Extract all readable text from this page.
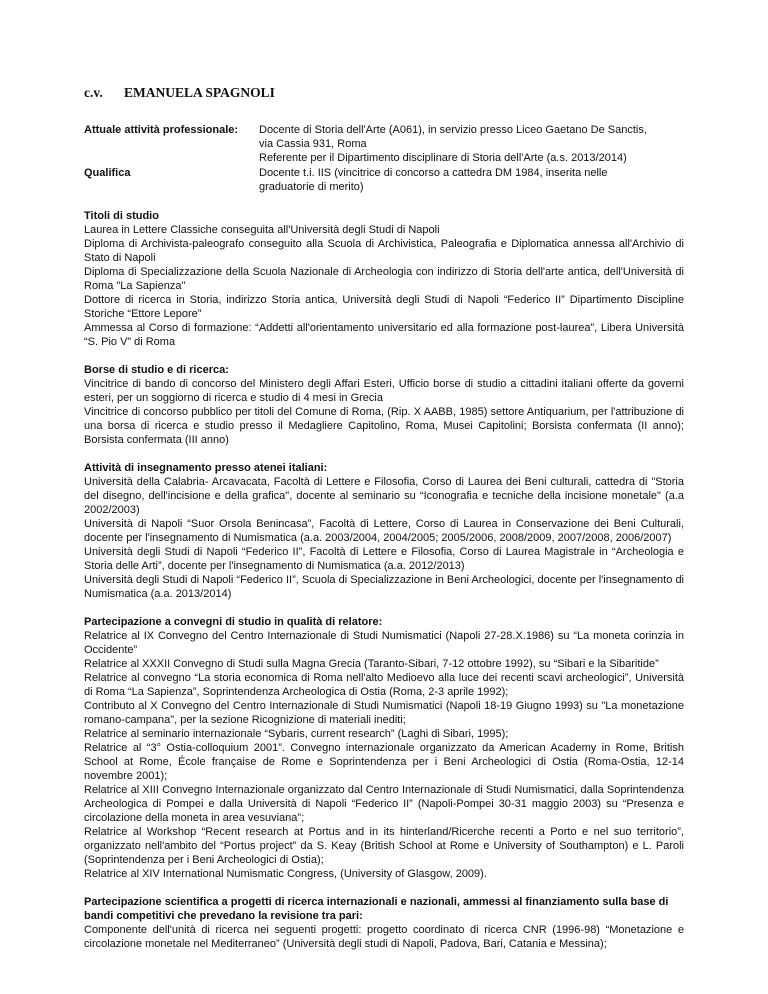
c.v. EMANUELA SPAGNOLI
Attuale attività professionale: Docente di Storia dell'Arte (A061), in servizio presso Liceo Gaetano De Sanctis,
via Cassia 931, Roma
Referente per il Dipartimento disciplinare di Storia dell'Arte (a.s. 2013/2014)
Qualifica	Docente t.i. IIS (vincitrice di concorso a cattedra DM 1984, inserita nelle
graduatorie di merito)
Titoli di studio

Laurea in Lettere Classiche conseguita all'Università degli Studi di Napoli

Diploma di Archivista-paleografo conseguito alla Scuola di Archivistica, Paleografia e Diplomatica annessa all'Archivio di Stato di Napoli

Diploma di Specializzazione della Scuola Nazionale di Archeologia con indirizzo di Storia dell'arte antica, dell'Università di Roma "La Sapienza"

Dottore di ricerca in Storia, indirizzo Storia antica, Università degli Studi di Napoli “Federico II” Dipartimento Discipline Storiche “Ettore Lepore”

Ammessa al Corso di formazione: “Addetti all'orientamento universitario ed alla formazione post-laurea”, Libera Università “S. Pio V” di Roma

Borse di studio e di ricerca:

Vincitrice di bando di concorso del Ministero degli Affari Esteri, Ufficio borse di studio a cittadini italiani offerte da governi esteri, per un soggiorno di ricerca e studio di 4 mesi in Grecia

Vincitrice di concorso pubblico per titoli del Comune di Roma, (Rip. X AABB, 1985) settore Antiquarium, per l'attribuzione di una borsa di ricerca e studio presso il Medagliere Capitolino, Roma, Musei Capitolini; Borsista confermata (II anno); Borsista confermata (III anno)

Attività di insegnamento presso atenei italiani:

Università della Calabria- Arcavacata, Facoltà di Lettere e Filosofia, Corso di Laurea dei Beni culturali, cattedra di "Storia del disegno, dell'incisione e della grafica", docente al seminario su “Iconografia e tecniche della incisione monetale" (a.a 2002/2003)

Università di Napoli “Suor Orsola Benincasa”, Facoltà di Lettere, Corso di Laurea in Conservazione dei Beni Culturali, docente per l'insegnamento di Numismatica (a.a. 2003/2004, 2004/2005; 2005/2006, 2008/2009, 2007/2008, 2006/2007)

Università degli Studi di Napoli “Federico II”, Facoltà di Lettere e Filosofia, Corso di Laurea Magistrale in “Archeologia e Storia delle Arti”, docente per l'insegnamento di Numismatica (a.a. 2012/2013)

Università degli Studi di Napoli “Federico II”, Scuola di Specializzazione in Beni Archeologici, docente per l'insegnamento di Numismatica (a.a. 2013/2014)

Partecipazione a convegni di studio in qualità di relatore:

Relatrice al IX Convegno del Centro Internazionale di Studi Numismatici (Napoli 27-28.X.1986) su “La moneta corinzia in Occidente”

Relatrice al XXXII Convegno di Studi sulla Magna Grecia (Taranto-Sibari, 7-12 ottobre 1992), su “Sibari e la Sibaritide”

Relatrice al convegno “La storia economica di Roma nell'alto Medioevo alla luce dei recenti scavi archeologici”, Università di Roma “La Sapienza”, Soprintendenza Archeologica di Ostia (Roma, 2-3 aprile 1992);

Contributo al X Convegno del Centro Internazionale di Studi Numismatici (Napoli 18-19 Giugno 1993) su "La monetazione romano-campana", per la sezione Ricognizione di materiali inediti;

Relatrice al seminario internazionale “Sybaris, current research” (Laghi di Sibari, 1995);

Relatrice al “3° Ostia-colloquium 2001”. Convegno internazionale organizzato da American Academy in Rome, British School at Rome, École française de Rome e Soprintendenza per i Beni Archeologici di Ostia (Roma-Ostia, 12-14 novembre 2001);

Relatrice al XIII Convegno Internazionale organizzato dal Centro Internazionale di Studi Numismatici, dalla Soprintendenza Archeologica di Pompei e dalla Università di Napoli “Federico II” (Napoli-Pompei 30-31 maggio 2003) su “Presenza e circolazione della moneta in area vesuviana”;

Relatrice al Workshop “Recent research at Portus and in its hinterland/Ricerche recenti a Porto e nel suo territorio”, organizzato nell'ambito del “Portus project” da S. Keay (British School at Rome e University of Southampton) e L. Paroli (Soprintendenza per i Beni Archeologici di Ostia);

Relatrice al XIV International Numismatic Congress, (University of Glasgow, 2009).

Partecipazione scientifica a progetti di ricerca internazionali e nazionali, ammessi al finanziamento sulla base di bandi competitivi che prevedano la revisione tra pari:

Componente dell'unità di ricerca nei seguenti progetti: progetto coordinato di ricerca CNR (1996-98) “Monetazione e circolazione monetale nel Mediterraneo” (Università degli studi di Napoli, Padova, Bari, Catania e Messina);
